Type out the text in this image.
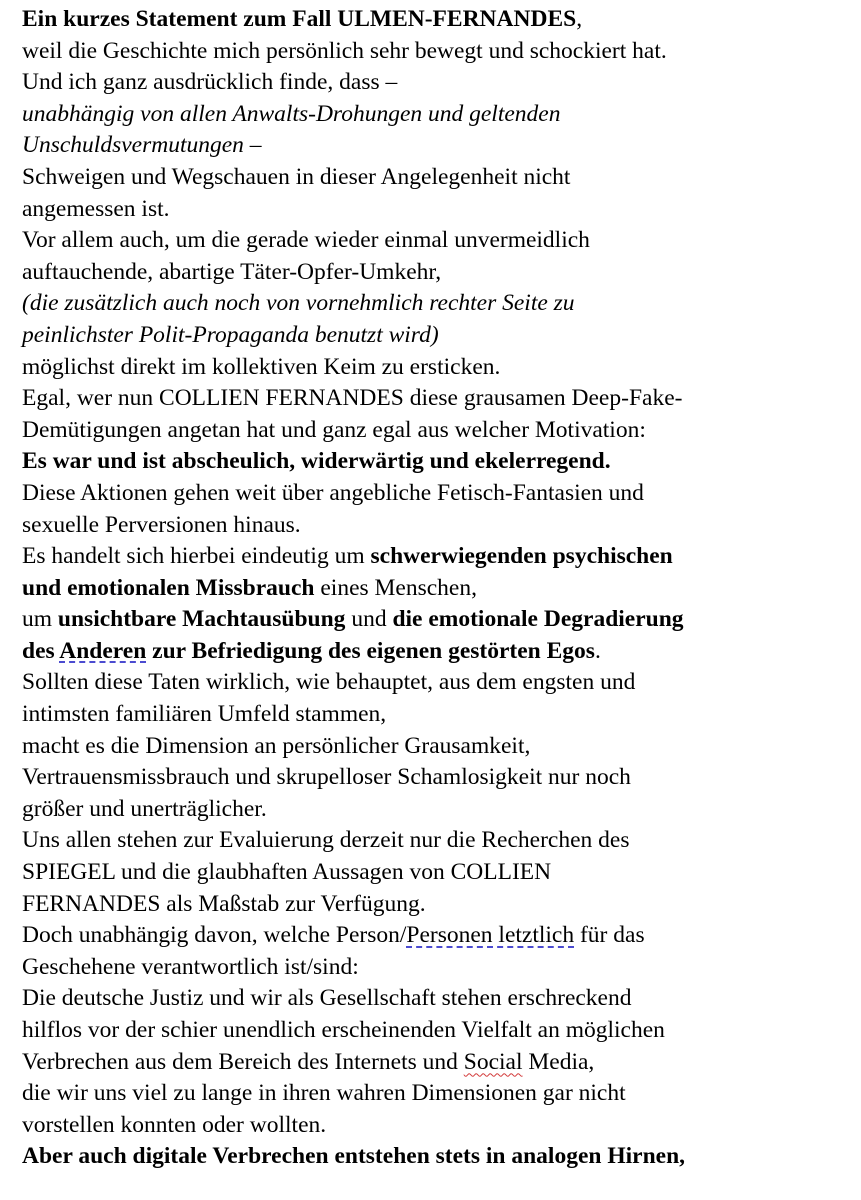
Ein kurzes Statement zum Fall ULMEN-FERNANDES,
weil die Geschichte mich persönlich sehr bewegt und schockiert hat.
Und ich ganz ausdrücklich finde, dass –
unabhängig von allen Anwalts-Drohungen und geltenden
Unschuldsvermutungen –
Schweigen und Wegschauen in dieser Angelegenheit nicht
angemessen ist.
Vor allem auch, um die gerade wieder einmal unvermeidlich
auftauchende, abartige Täter-Opfer-Umkehr,
(die zusätzlich auch noch von vornehmlich rechter Seite zu
peinlichster Polit-Propaganda benutzt wird)
möglichst direkt im kollektiven Keim zu ersticken.
Egal, wer nun COLLIEN FERNANDES diese grausamen Deep-Fake-
Demütigungen angetan hat und ganz egal aus welcher Motivation:
Es war und ist abscheulich, widerwärtig und ekelerregend.
Diese Aktionen gehen weit über angebliche Fetisch-Fantasien und
sexuelle Perversionen hinaus.
Es handelt sich hierbei eindeutig um schwerwiegenden psychischen
und emotionalen Missbrauch eines Menschen,
um unsichtbare Machtausübung und die emotionale Degradierung
des Anderen zur Befriedigung des eigenen gestörten Egos.
Sollten diese Taten wirklich, wie behauptet, aus dem engsten und
intimsten familiären Umfeld stammen,
macht es die Dimension an persönlicher Grausamkeit,
Vertrauensmissbrauch und skrupelloser Schamlosigkeit nur noch
größer und unerträglicher.
Uns allen stehen zur Evaluierung derzeit nur die Recherchen des
SPIEGEL und die glaubhaften Aussagen von COLLIEN
FERNANDES als Maßstab zur Verfügung.
Doch unabhängig davon, welche Person/Personen letztlich für das
Geschehene verantwortlich ist/sind:
Die deutsche Justiz und wir als Gesellschaft stehen erschreckend
hilflos vor der schier unendlich erscheinenden Vielfalt an möglichen
Verbrechen aus dem Bereich des Internets und Social Media,
die wir uns viel zu lange in ihren wahren Dimensionen gar nicht
vorstellen konnten oder wollten.
Aber auch digitale Verbrechen entstehen stets in analogen Hirnen,
